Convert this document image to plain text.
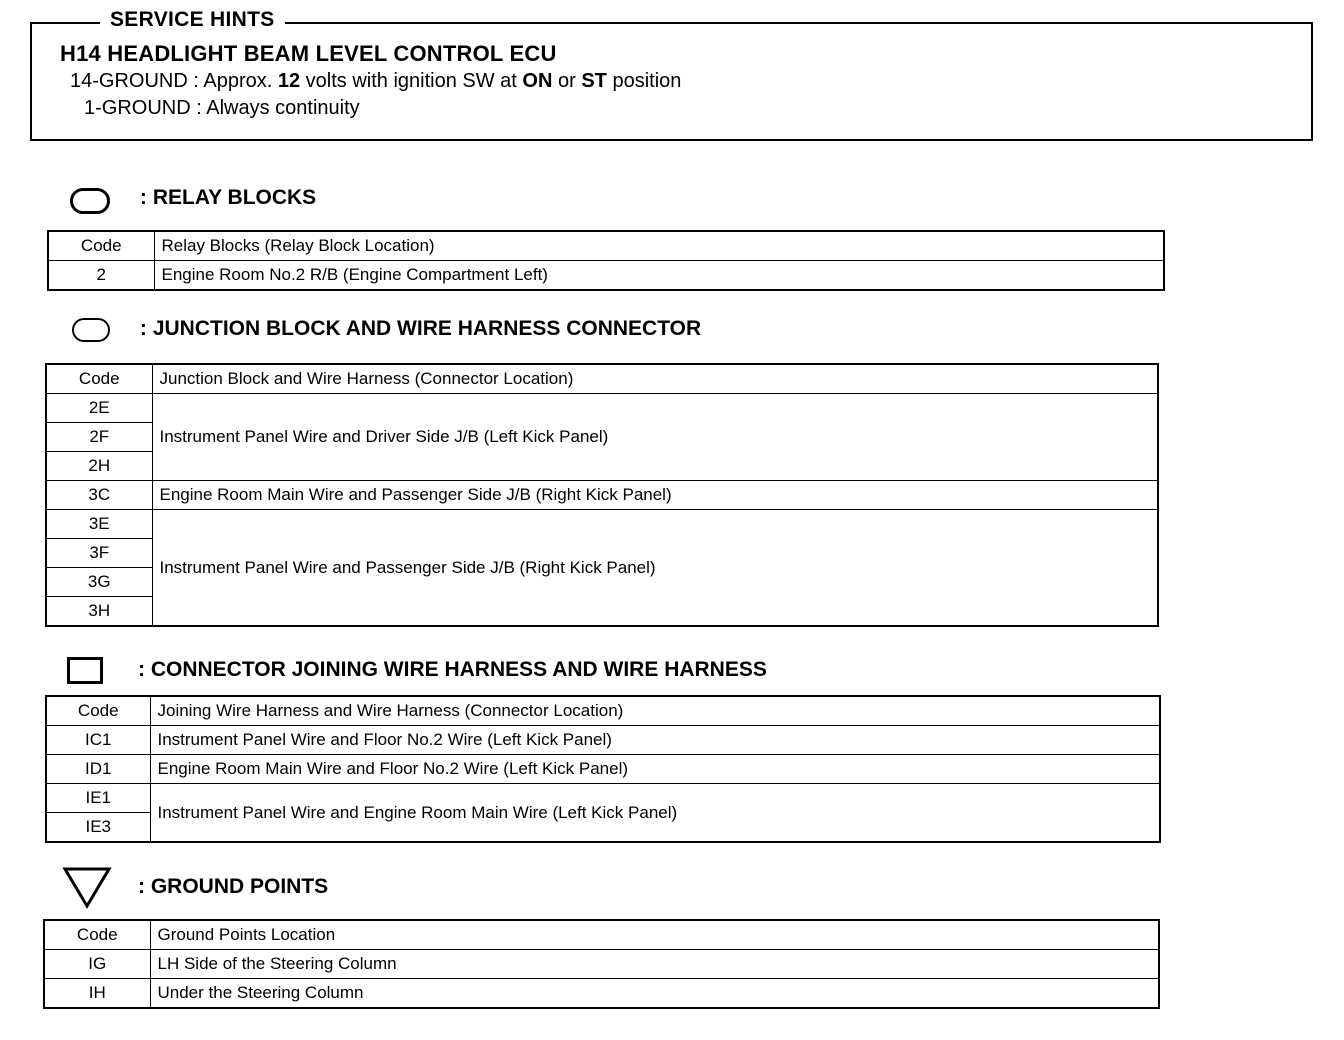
SERVICE HINTS
H14 HEADLIGHT BEAM LEVEL CONTROL ECU
14-GROUND : Approx. 12 volts with ignition SW at ON or ST position
1-GROUND : Always continuity
: RELAY BLOCKS
Code	Relay Blocks (Relay Block Location)
2	Engine Room No.2 R/B (Engine Compartment Left)
: JUNCTION BLOCK AND WIRE HARNESS CONNECTOR
Code	Junction Block and Wire Harness (Connector Location)
2E	Instrument Panel Wire and Driver Side J/B (Left Kick Panel)
2F	
2H	
3C	Engine Room Main Wire and Passenger Side J/B (Right Kick Panel)
3E	Instrument Panel Wire and Passenger Side J/B (Right Kick Panel)
3F	
3G	
3H	
: CONNECTOR JOINING WIRE HARNESS AND WIRE HARNESS
Code	Joining Wire Harness and Wire Harness (Connector Location)
IC1	Instrument Panel Wire and Floor No.2 Wire (Left Kick Panel)
ID1	Engine Room Main Wire and Floor No.2 Wire (Left Kick Panel)
IE1	Instrument Panel Wire and Engine Room Main Wire (Left Kick Panel)
IE3	
: GROUND POINTS
Code	Ground Points Location
IG	LH Side of the Steering Column
IH	Under the Steering Column
